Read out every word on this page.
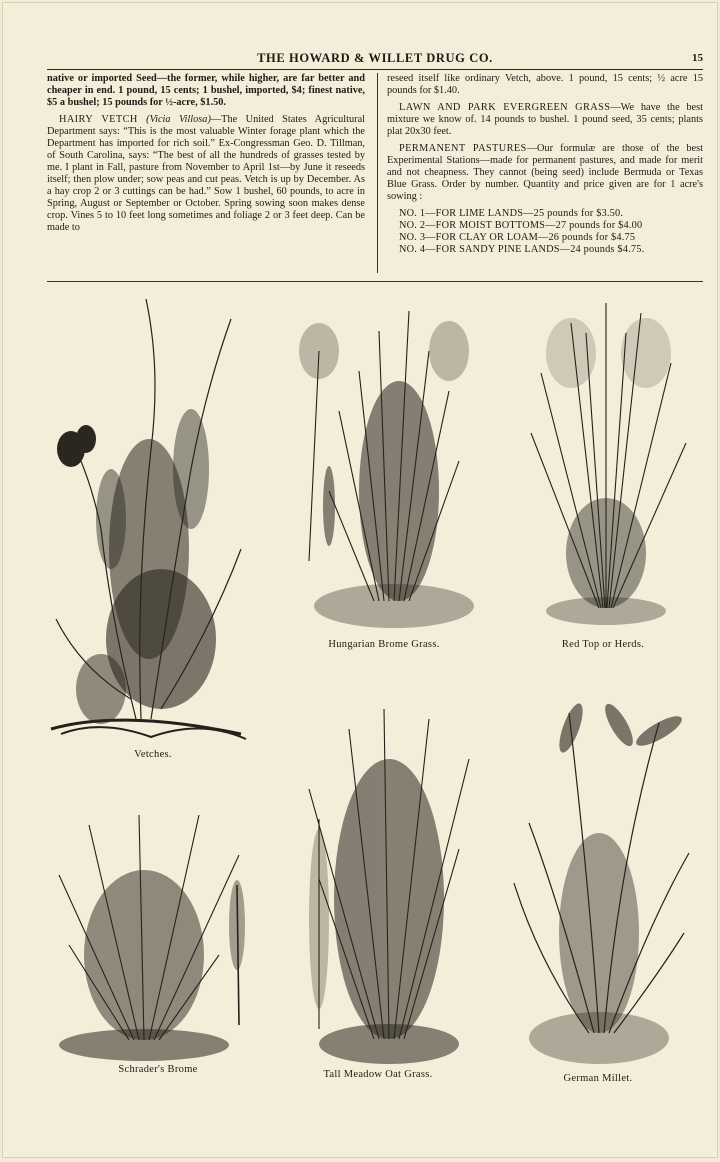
THE HOWARD & WILLET DRUG CO.	15

native or imported Seed—the former, while higher, are far better and cheaper in end. 1 pound, 15 cents; 1 bushel, imported, $4; finest native, $5 a bushel; 15 pounds for ½-acre, $1.50.

HAIRY VETCH (Vicia Villosa)—The United States Agricultural Department says: “This is the most valuable Winter forage plant which the Department has imported for rich soil.” Ex-Congressman Geo. D. Tillman, of South Carolina, says: “The best of all the hundreds of grasses tested by me. I plant in Fall, pasture from November to April 1st—by June it reseeds itself; then plow under; sow peas and cut peas. Vetch is up by December. As a hay crop 2 or 3 cuttings can be had.” Sow 1 bushel, 60 pounds, to acre in Spring, August or September or October. Spring sowing soon makes dense crop. Vines 5 to 10 feet long sometimes and foliage 2 or 3 feet deep. Can be made to

reseed itself like ordinary Vetch, above. 1 pound, 15 cents; ½ acre 15 pounds for $1.40.

LAWN AND PARK EVERGREEN GRASS—We have the best mixture we know of. 14 pounds to bushel. 1 pound seed, 35 cents; plants plat 20x30 feet.

PERMANENT PASTURES—Our formulæ are those of the best Experimental Stations—made for permanent pastures, and made for merit and not cheapness. They cannot (being seed) include Bermuda or Texas Blue Grass. Order by number. Quantity and price given are for 1 acre's sowing :

NO. 1—FOR LIME LANDS—25 pounds for $3.50.
NO. 2—FOR MOIST BOTTOMS—27 pounds for $4.00
NO. 3—FOR CLAY OR LOAM—26 pounds for $4.75
NO. 4—FOR SANDY PINE LANDS—24 pounds $4.75.
Vetches.
Hungarian Brome Grass.	Red Top or Herds.
Schrader's Brome	Tall Meadow Oat Grass.	German Millet.
